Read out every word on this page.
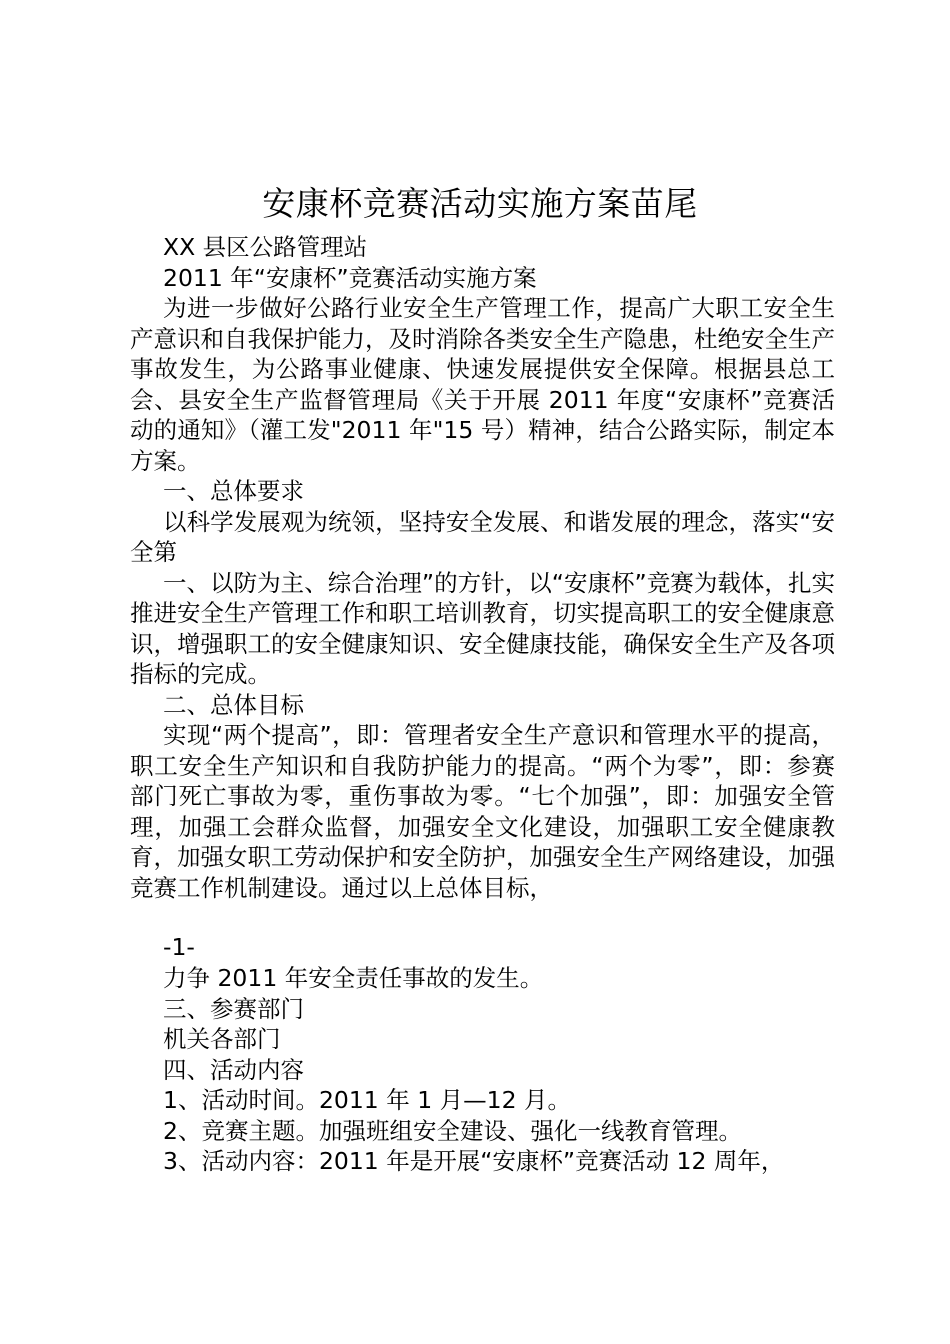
安康杯竞赛活动实施方案苗尾

XX 县区公路管理站

2011 年“安康杯”竞赛活动实施方案

为进一步做好公路行业安全生产管理工作，提高广大职工安全生产意识和自我保护能力，及时消除各类安全生产隐患，杜绝安全生产事故发生，为公路事业健康、快速发展提供安全保障。根据县总工会、县安全生产监督管理局《关于开展 2011 年度“安康杯”竞赛活动的通知》（灌工发"2011 年"15 号）精神，结合公路实际，制定本方案。

一、总体要求

以科学发展观为统领，坚持安全发展、和谐发展的理念，落实“安全第

一、以防为主、综合治理”的方针，以“安康杯”竞赛为载体，扎实推进安全生产管理工作和职工培训教育，切实提高职工的安全健康意识，增强职工的安全健康知识、安全健康技能，确保安全生产及各项指标的完成。

二、总体目标

实现“两个提高”，即：管理者安全生产意识和管理水平的提高，职工安全生产知识和自我防护能力的提高。“两个为零”，即：参赛部门死亡事故为零，重伤事故为零。“七个加强”，即：加强安全管理，加强工会群众监督，加强安全文化建设，加强职工安全健康教育，加强女职工劳动保护和安全防护，加强安全生产网络建设，加强竞赛工作机制建设。通过以上总体目标，

-1-

力争 2011 年安全责任事故的发生。

三、参赛部门

机关各部门

四、活动内容

1、活动时间。2011 年 1 月—12 月。

2、竞赛主题。加强班组安全建设、强化一线教育管理。

3、活动内容：2011 年是开展“安康杯”竞赛活动 12 周年，
